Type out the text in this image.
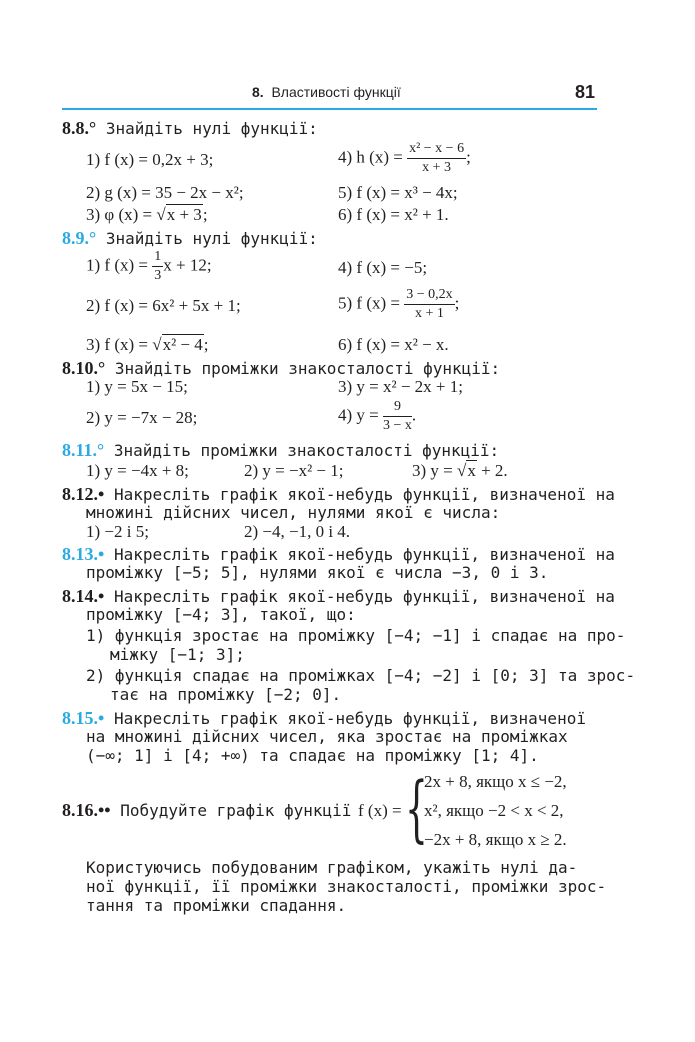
8. Властивості функції	81
8.8.° Знайдіть нулі функції:
1) f (x) = 0,2x + 3;
2) g (x) = 35 − 2x − x²;
3) φ (x) = √x + 3;
4) h $(x) = \frac{\text{x² − x − 6}}{x + 3}$ ;
5) f (x) = x³ − 4x;
6) f (x) = x² + 1.
8.9.° Знайдіть нулі функції:
1) f $(x) = \frac{1}{3}$ x + 12;
2) f (x) = 6x² + 5x + 1;
3) f (x) = √x² − 4;
4) f (x) = −5;
5) f $(x) = \frac{3 - 0,2x}{x + 1}$ ;
6) f (x) = x² − x.
8.10.° Знайдіть проміжки знакосталості функції:
1) y = 5x − 15;
2) y = −7x − 28;
3) y = x² − 2x + 1;
4) $y = \frac{9}{3 - x}$ .
8.11.° Знайдіть проміжки знакосталості функції:
1) y = −4x + 8;	2) y = −x² − 1;	3) y = √x + 2.
8.12.• Накресліть графік якої-небудь функції, визначеної на
множині дійсних чисел, нулями якої є числа:
1) −2 і 5;	2) −4, −1, 0 і 4.
8.13.• Накресліть графік якої-небудь функції, визначеної на
проміжку [−5; 5], нулями якої є числа −3, 0 і 3.
8.14.• Накресліть графік якої-небудь функції, визначеної на
проміжку [−4; 3], такої, що:
1) функція зростає на проміжку [−4; −1] і спадає на про-
міжку [−1; 3];
2) функція спадає на проміжках [−4; −2] і [0; 3] та зрос-
тає на проміжку [−2; 0].
8.15.• Накресліть графік якої-небудь функції, визначеної
на множині дійсних чисел, яка зростає на проміжках
(−∞; 1] і [4; +∞) та спадає на проміжку [1; 4].
8.16.•• Побудуйте графік функції f (x) = {
2x + 8, якщо x ≤ −2,
x², якщо −2 < x < 2,
−2x + 8, якщо x ≥ 2.
Користуючись побудованим графіком, укажіть нулі да-
ної функції, її проміжки знакосталості, проміжки зрос-
тання та проміжки спадання.
